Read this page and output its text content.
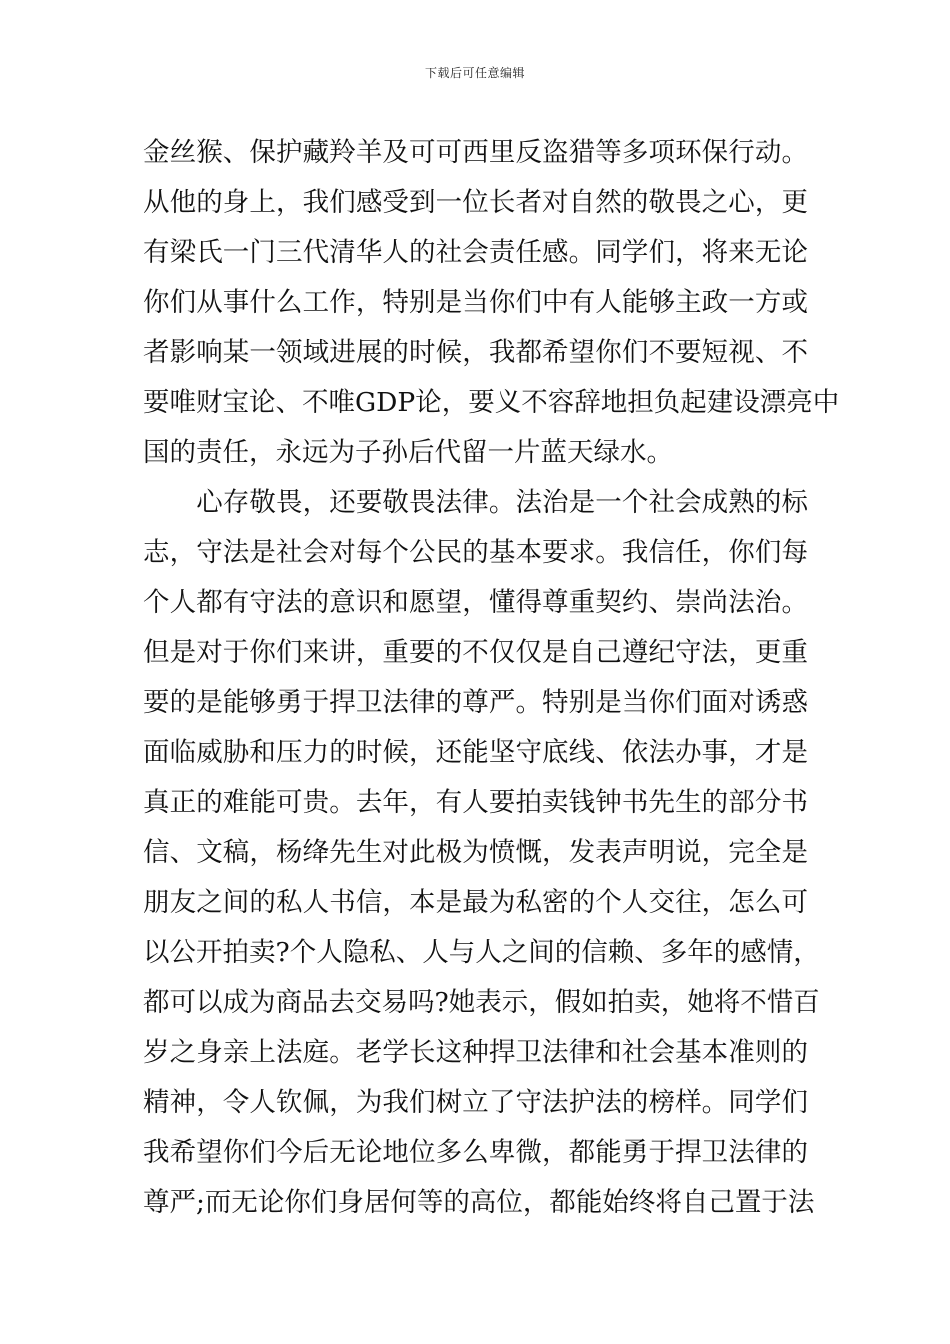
下载后可任意编辑
金丝猴、保护藏羚羊及可可西里反盗猎等多项环保行动。
从他的身上，我们感受到一位长者对自然的敬畏之心，更
有梁氏一门三代清华人的社会责任感。同学们，将来无论
你们从事什么工作，特别是当你们中有人能够主政一方或
者影响某一领域进展的时候，我都希望你们不要短视、不
要唯财宝论、不唯GDP论，要义不容辞地担负起建设漂亮中
国的责任，永远为子孙后代留一片蓝天绿水。
　　心存敬畏，还要敬畏法律。法治是一个社会成熟的标
志，守法是社会对每个公民的基本要求。我信任，你们每
个人都有守法的意识和愿望，懂得尊重契约、崇尚法治。
但是对于你们来讲，重要的不仅仅是自己遵纪守法，更重
要的是能够勇于捍卫法律的尊严。特别是当你们面对诱惑
面临威胁和压力的时候，还能坚守底线、依法办事，才是
真正的难能可贵。去年，有人要拍卖钱钟书先生的部分书
信、文稿，杨绛先生对此极为愤慨，发表声明说，完全是
朋友之间的私人书信，本是最为私密的个人交往，怎么可
以公开拍卖?个人隐私、人与人之间的信赖、多年的感情，
都可以成为商品去交易吗?她表示，假如拍卖，她将不惜百
岁之身亲上法庭。老学长这种捍卫法律和社会基本准则的
精神，令人钦佩，为我们树立了守法护法的榜样。同学们
我希望你们今后无论地位多么卑微，都能勇于捍卫法律的
尊严;而无论你们身居何等的高位，都能始终将自己置于法
